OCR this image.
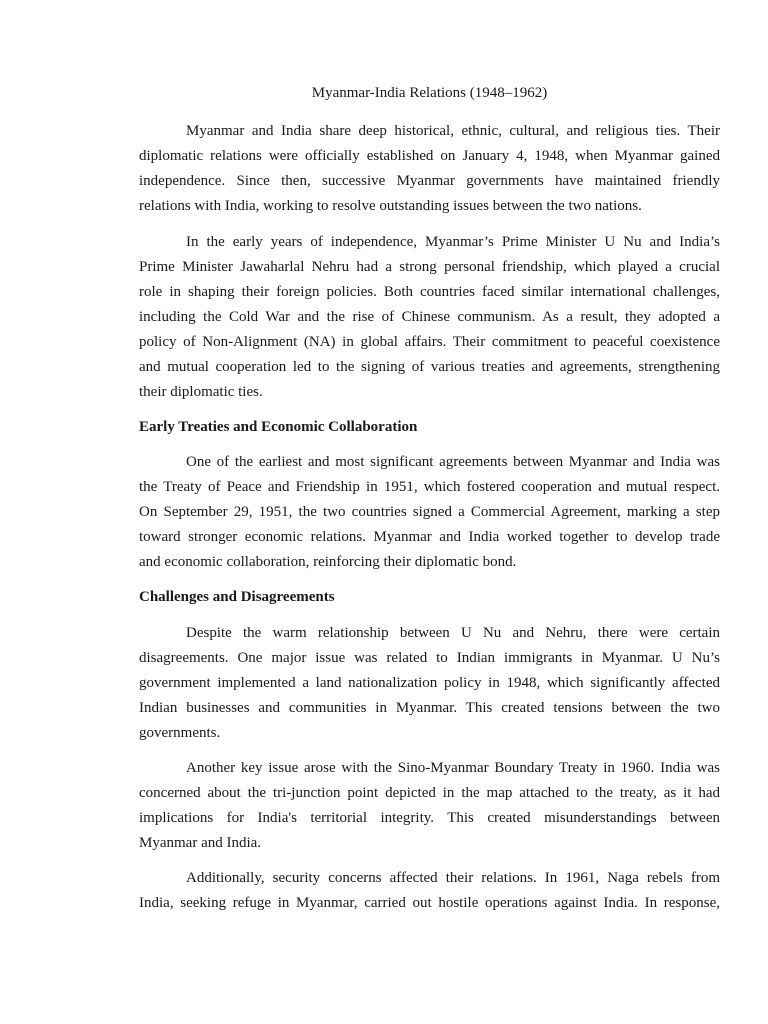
Myanmar-India Relations (1948–1962)
Myanmar and India share deep historical, ethnic, cultural, and religious ties. Their
diplomatic relations were officially established on January 4, 1948, when Myanmar gained
independence. Since then, successive Myanmar governments have maintained friendly
relations with India, working to resolve outstanding issues between the two nations.
In the early years of independence, Myanmar’s Prime Minister U Nu and India’s
Prime Minister Jawaharlal Nehru had a strong personal friendship, which played a crucial
role in shaping their foreign policies. Both countries faced similar international challenges,
including the Cold War and the rise of Chinese communism. As a result, they adopted a
policy of Non-Alignment (NA) in global affairs. Their commitment to peaceful coexistence
and mutual cooperation led to the signing of various treaties and agreements, strengthening
their diplomatic ties.
Early Treaties and Economic Collaboration
One of the earliest and most significant agreements between Myanmar and India was
the Treaty of Peace and Friendship in 1951, which fostered cooperation and mutual respect.
On September 29, 1951, the two countries signed a Commercial Agreement, marking a step
toward stronger economic relations. Myanmar and India worked together to develop trade
and economic collaboration, reinforcing their diplomatic bond.
Challenges and Disagreements
Despite the warm relationship between U Nu and Nehru, there were certain
disagreements. One major issue was related to Indian immigrants in Myanmar. U Nu’s
government implemented a land nationalization policy in 1948, which significantly affected
Indian businesses and communities in Myanmar. This created tensions between the two
governments.
Another key issue arose with the Sino-Myanmar Boundary Treaty in 1960. India was
concerned about the tri-junction point depicted in the map attached to the treaty, as it had
implications for India's territorial integrity. This created misunderstandings between
Myanmar and India.
Additionally, security concerns affected their relations. In 1961, Naga rebels from
India, seeking refuge in Myanmar, carried out hostile operations against India. In response,
